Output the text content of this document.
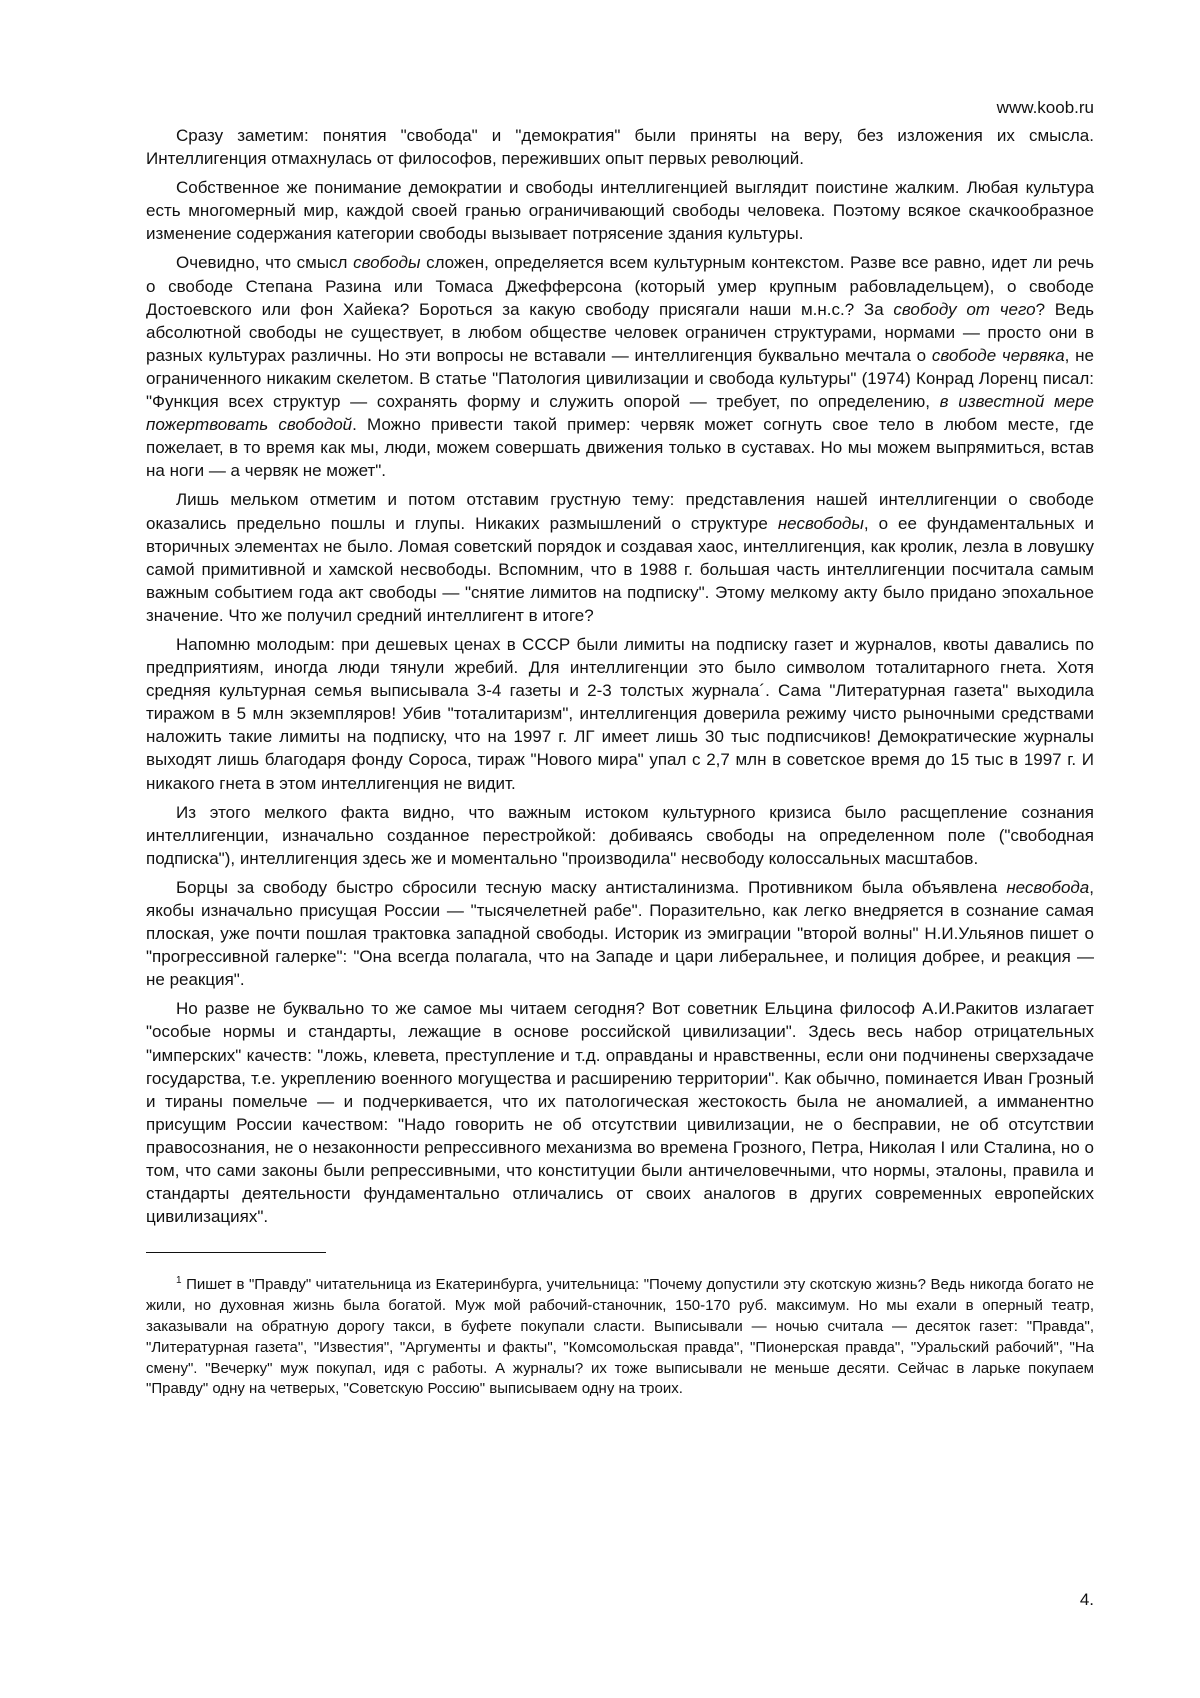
www.koob.ru

Сразу заметим: понятия "свобода" и "демократия" были приняты на веру, без изложения их смысла. Интеллигенция отмахнулась от философов, переживших опыт первых революций.

Собственное же понимание демократии и свободы интеллигенцией выглядит поистине жалким. Любая культура есть многомерный мир, каждой своей гранью ограничивающий свободы человека. Поэтому всякое скачкообразное изменение содержания категории свободы вызывает потрясение здания культуры.

Очевидно, что смысл свободы сложен, определяется всем культурным контекстом. Разве все равно, идет ли речь о свободе Степана Разина или Томаса Джефферсона (который умер крупным рабовладельцем), о свободе Достоевского или фон Хайека? Бороться за какую свободу присягали наши м.н.с.? За свободу от чего? Ведь абсолютной свободы не существует, в любом обществе человек ограничен структурами, нормами — просто они в разных культурах различны. Но эти вопросы не вставали — интеллигенция буквально мечтала о свободе червяка, не ограниченного никаким скелетом. В статье "Патология цивилизации и свобода культуры" (1974) Конрад Лоренц писал: "Функция всех структур — сохранять форму и служить опорой — требует, по определению, в известной мере пожертвовать свободой. Можно привести такой пример: червяк может согнуть свое тело в любом месте, где пожелает, в то время как мы, люди, можем совершать движения только в суставах. Но мы можем выпрямиться, встав на ноги — а червяк не может".

Лишь мельком отметим и потом отставим грустную тему: представления нашей интеллигенции о свободе оказались предельно пошлы и глупы. Никаких размышлений о структуре несвободы, о ее фундаментальных и вторичных элементах не было. Ломая советский порядок и создавая хаос, интеллигенция, как кролик, лезла в ловушку самой примитивной и хамской несвободы. Вспомним, что в 1988 г. большая часть интеллигенции посчитала самым важным событием года акт свободы — "снятие лимитов на подписку". Этому мелкому акту было придано эпохальное значение. Что же получил средний интеллигент в итоге?

Напомню молодым: при дешевых ценах в СССР были лимиты на подписку газет и журналов, квоты давались по предприятиям, иногда люди тянули жребий. Для интеллигенции это было символом тоталитарного гнета. Хотя средняя культурная семья выписывала 3-4 газеты и 2-3 толстых журнала´. Сама "Литературная газета" выходила тиражом в 5 млн экземпляров! Убив "тоталитаризм", интеллигенция доверила режиму чисто рыночными средствами наложить такие лимиты на подписку, что на 1997 г. ЛГ имеет лишь 30 тыс подписчиков! Демократические журналы выходят лишь благодаря фонду Сороса, тираж "Нового мира" упал с 2,7 млн в советское время до 15 тыс в 1997 г. И никакого гнета в этом интеллигенция не видит.

Из этого мелкого факта видно, что важным истоком культурного кризиса было расщепление сознания интеллигенции, изначально созданное перестройкой: добиваясь свободы на определенном поле ("свободная подписка"), интеллигенция здесь же и моментально "производила" несвободу колоссальных масштабов.

Борцы за свободу быстро сбросили тесную маску антисталинизма. Противником была объявлена несвобода, якобы изначально присущая России — "тысячелетней рабе". Поразительно, как легко внедряется в сознание самая плоская, уже почти пошлая трактовка западной свободы. Историк из эмиграции "второй волны" Н.И.Ульянов пишет о "прогрессивной галерке": "Она всегда полагала, что на Западе и цари либеральнее, и полиция добрее, и реакция — не реакция".

Но разве не буквально то же самое мы читаем сегодня? Вот советник Ельцина философ А.И.Ракитов излагает "особые нормы и стандарты, лежащие в основе российской цивилизации". Здесь весь набор отрицательных "имперских" качеств: "ложь, клевета, преступление и т.д. оправданы и нравственны, если они подчинены сверхзадаче государства, т.е. укреплению военного могущества и расширению территории". Как обычно, поминается Иван Грозный и тираны помельче — и подчеркивается, что их патологическая жестокость была не аномалией, а имманентно присущим России качеством: "Надо говорить не об отсутствии цивилизации, не о бесправии, не об отсутствии правосознания, не о незаконности репрессивного механизма во времена Грозного, Петра, Николая I или Сталина, но о том, что сами законы были репрессивными, что конституции были античеловечными, что нормы, эталоны, правила и стандарты деятельности фундаментально отличались от своих аналогов в других современных европейских цивилизациях".

$^1$ Пишет в "Правду" читательница из Екатеринбурга, учительница: "Почему допустили эту скотскую жизнь? Ведь никогда богато не жили, но духовная жизнь была богатой. Муж мой рабочий-станочник, 150-170 руб. максимум. Но мы ехали в оперный театр, заказывали на обратную дорогу такси, в буфете покупали сласти. Выписывали — ночью считала — десяток газет: "Правда", "Литературная газета", "Известия", "Аргументы и факты", "Комсомольская правда", "Пионерская правда", "Уральский рабочий", "На смену". "Вечерку" муж покупал, идя с работы. А журналы? их тоже выписывали не меньше десяти. Сейчас в ларьке покупаем "Правду" одну на четверых, "Советскую Россию" выписываем одну на троих.

4.
